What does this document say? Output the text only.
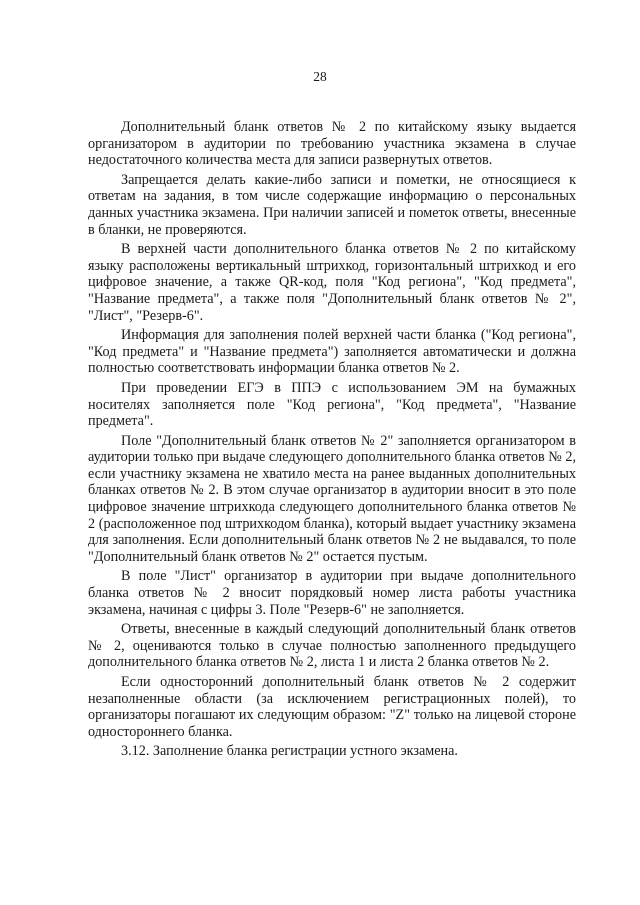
28

Дополнительный бланк ответов № 2 по китайскому языку выдается организатором в аудитории по требованию участника экзамена в случае недостаточного количества места для записи развернутых ответов.

Запрещается делать какие-либо записи и пометки, не относящиеся к ответам на задания, в том числе содержащие информацию о персональных данных участника экзамена. При наличии записей и пометок ответы, внесенные в бланки, не проверяются.

В верхней части дополнительного бланка ответов № 2 по китайскому языку расположены вертикальный штрихкод, горизонтальный штрихкод и его цифровое значение, а также QR-код, поля "Код региона", "Код предмета", "Название предмета", а также поля "Дополнительный бланк ответов № 2", "Лист", "Резерв-6".

Информация для заполнения полей верхней части бланка ("Код региона", "Код предмета" и "Название предмета") заполняется автоматически и должна полностью соответствовать информации бланка ответов № 2.

При проведении ЕГЭ в ППЭ с использованием ЭМ на бумажных носителях заполняется поле "Код региона", "Код предмета", "Название предмета".

Поле "Дополнительный бланк ответов № 2" заполняется организатором в аудитории только при выдаче следующего дополнительного бланка ответов № 2, если участнику экзамена не хватило места на ранее выданных дополнительных бланках ответов № 2. В этом случае организатор в аудитории вносит в это поле цифровое значение штрихкода следующего дополнительного бланка ответов № 2 (расположенное под штрихкодом бланка), который выдает участнику экзамена для заполнения. Если дополнительный бланк ответов № 2 не выдавался, то поле "Дополнительный бланк ответов № 2" остается пустым.

В поле "Лист" организатор в аудитории при выдаче дополнительного бланка ответов № 2 вносит порядковый номер листа работы участника экзамена, начиная с цифры 3. Поле "Резерв-6" не заполняется.

Ответы, внесенные в каждый следующий дополнительный бланк ответов № 2, оцениваются только в случае полностью заполненного предыдущего дополнительного бланка ответов № 2, листа 1 и листа 2 бланка ответов № 2.

Если односторонний дополнительный бланк ответов № 2 содержит незаполненные области (за исключением регистрационных полей), то организаторы погашают их следующим образом: "Z" только на лицевой стороне одностороннего бланка.

3.12. Заполнение бланка регистрации устного экзамена.
